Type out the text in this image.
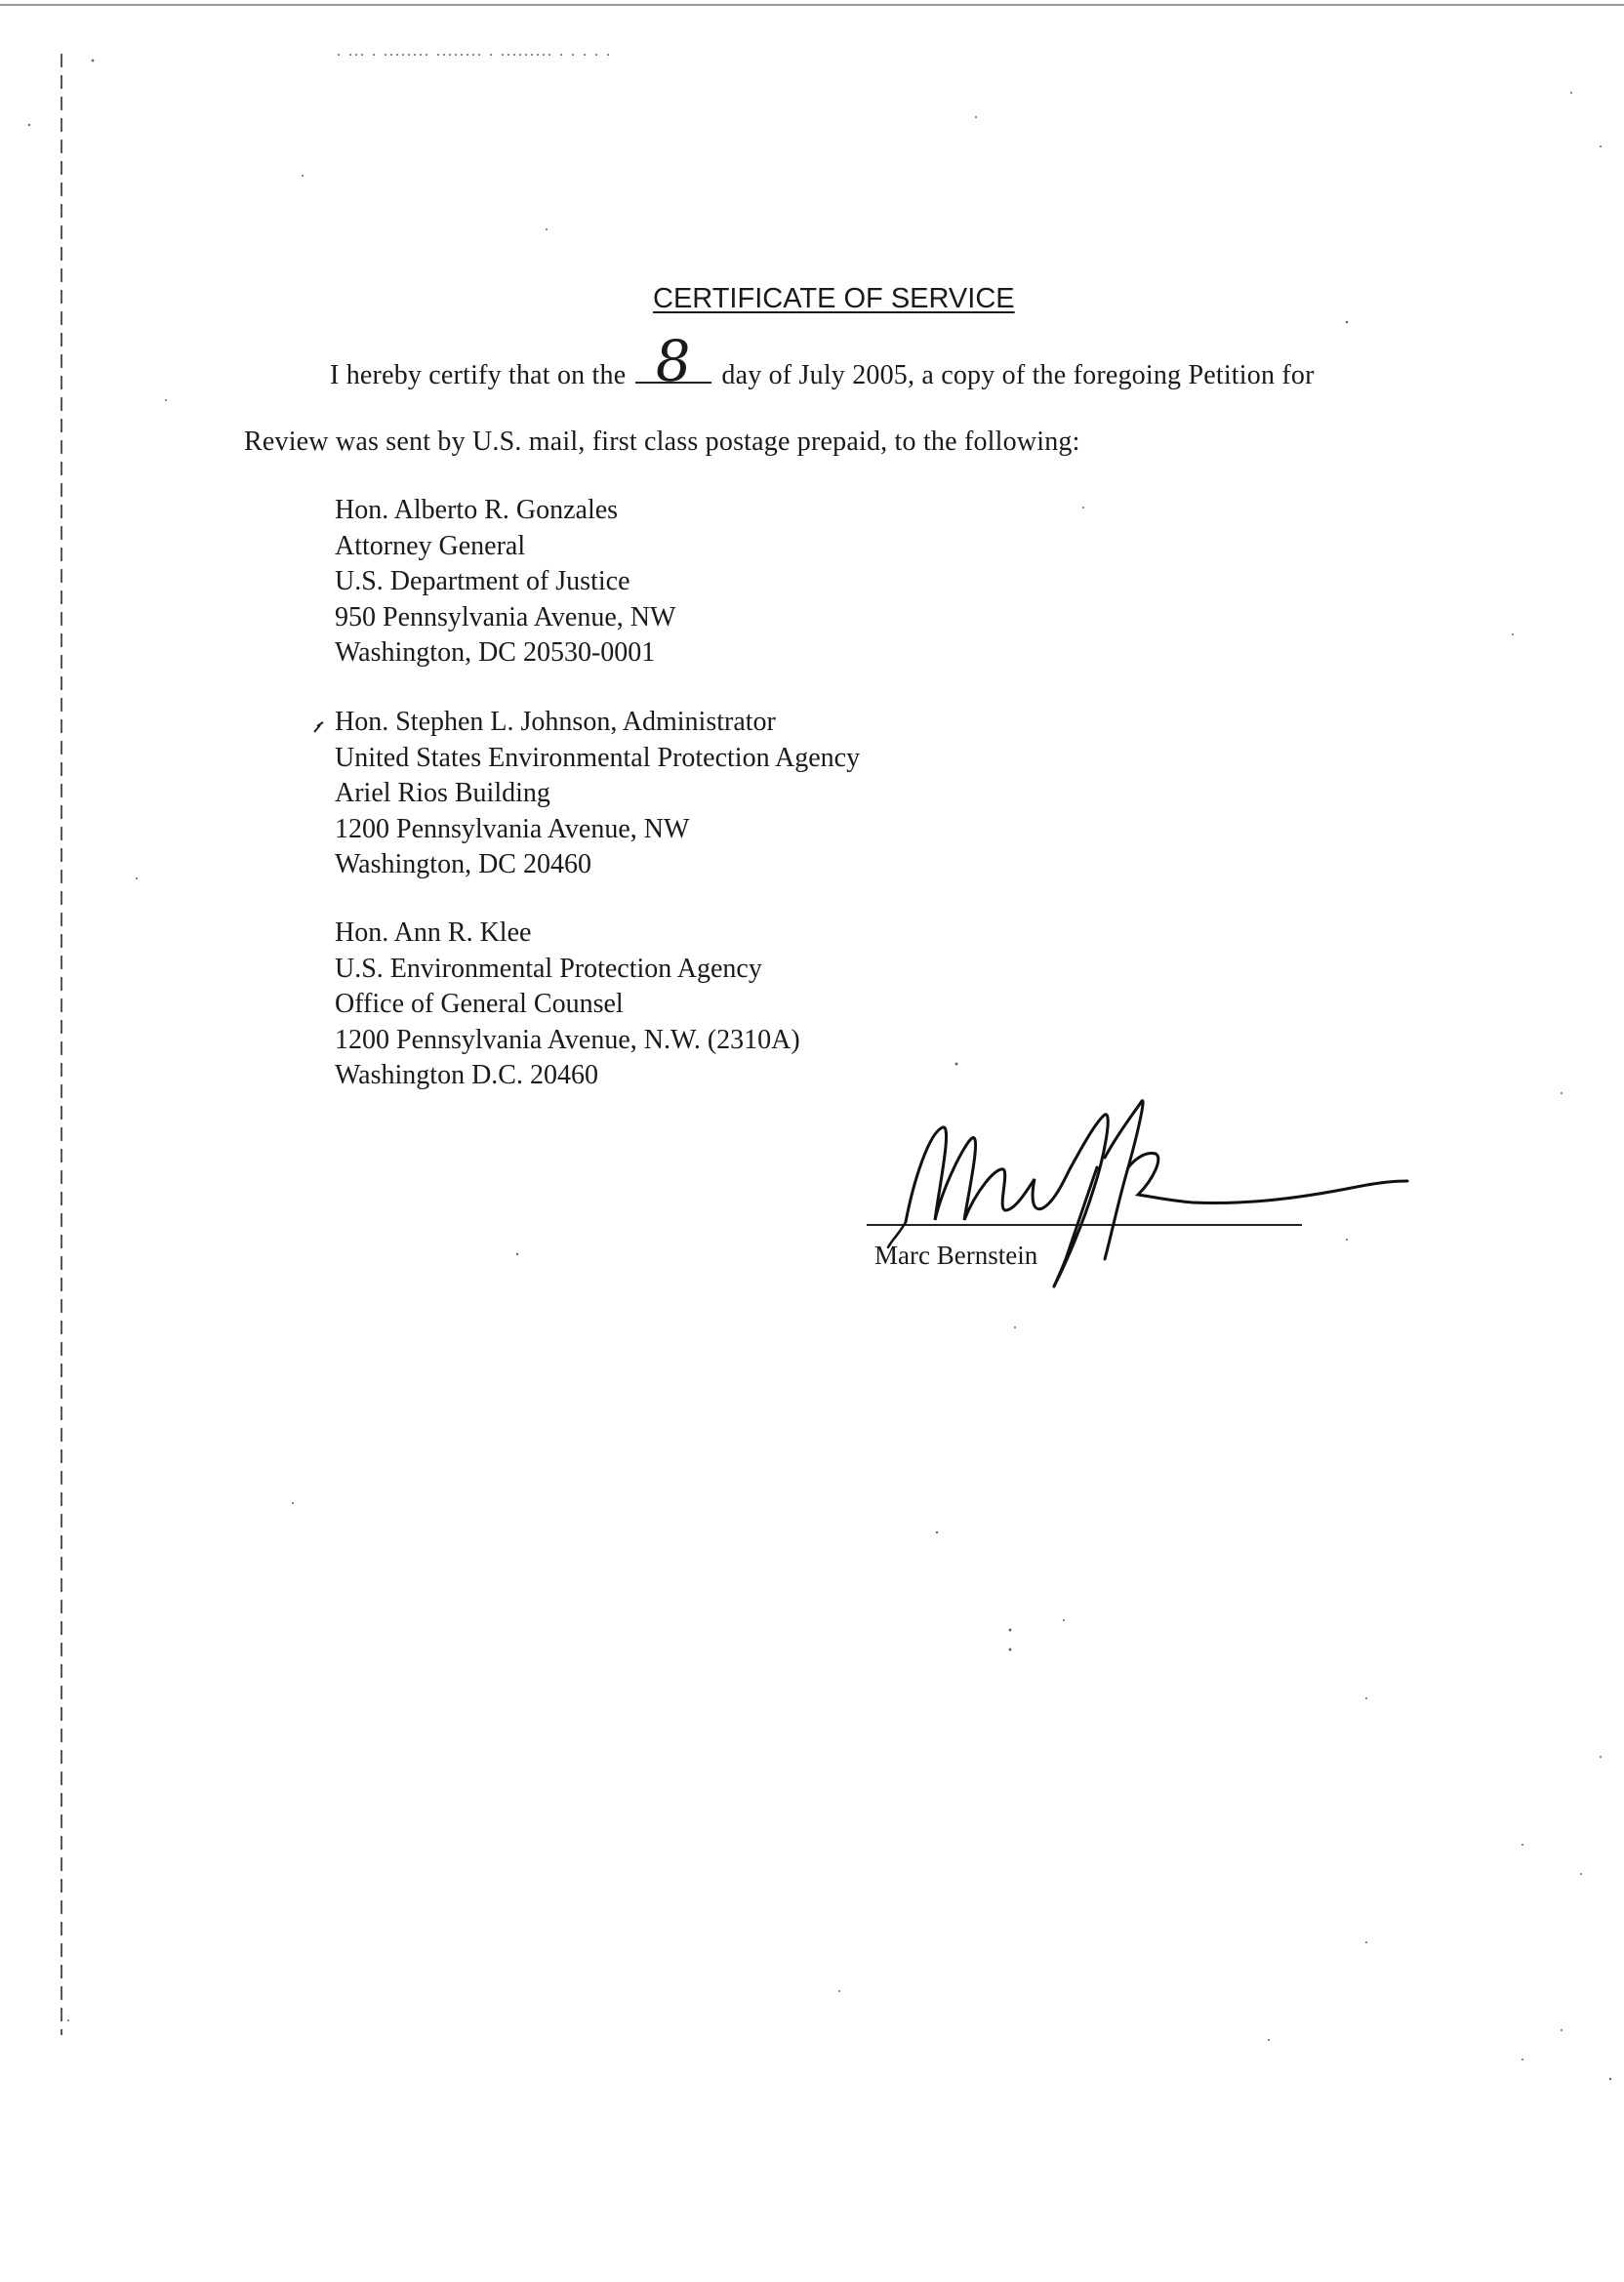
. ... . ........ ........ . ......... . . . . .
CERTIFICATE OF SERVICE
I hereby certify that on the 8 day of July 2005, a copy of the foregoing Petition for
Review was sent by U.S. mail, first class postage prepaid, to the following:
Hon. Alberto R. Gonzales
Attorney General
U.S. Department of Justice
950 Pennsylvania Avenue, NW
Washington, DC 20530-0001
Hon. Stephen L. Johnson, Administrator
United States Environmental Protection Agency
Ariel Rios Building
1200 Pennsylvania Avenue, NW
Washington, DC 20460
Hon. Ann R. Klee
U.S. Environmental Protection Agency
Office of General Counsel
1200 Pennsylvania Avenue, N.W. (2310A)
Washington D.C. 20460
Marc Bernstein
